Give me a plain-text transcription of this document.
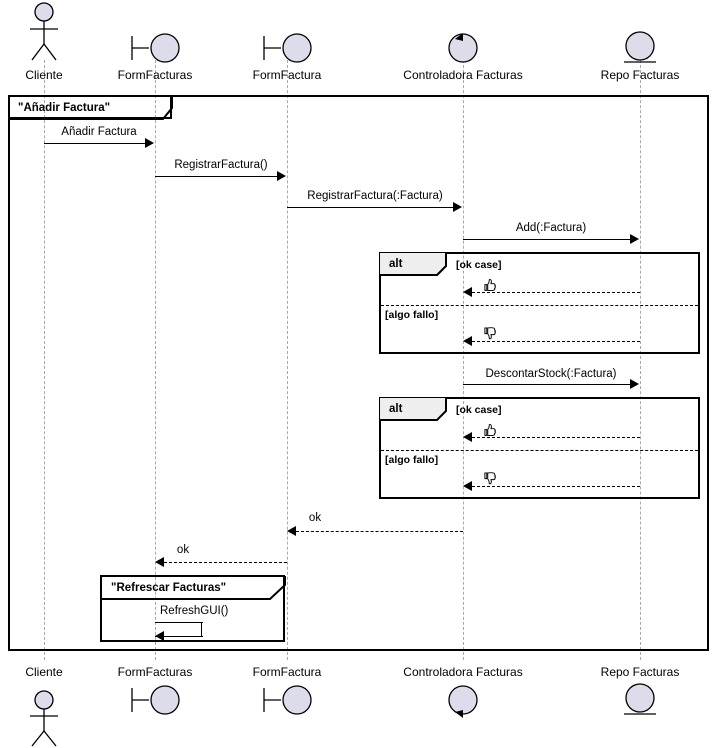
Cliente	FormFacturas	FormFactura	Controladora Facturas	Repo Facturas
Cliente	FormFacturas	FormFactura	Controladora Facturas	Repo Facturas
"Añadir Factura"
Añadir Factura
RegistrarFactura()
RegistrarFactura(:Factura)
Add(:Factura)
alt	[ok case]
[algo fallo]
DescontarStock(:Factura)
alt	[ok case]
[algo fallo]
ok
ok
"Refrescar Facturas"
RefreshGUI()
